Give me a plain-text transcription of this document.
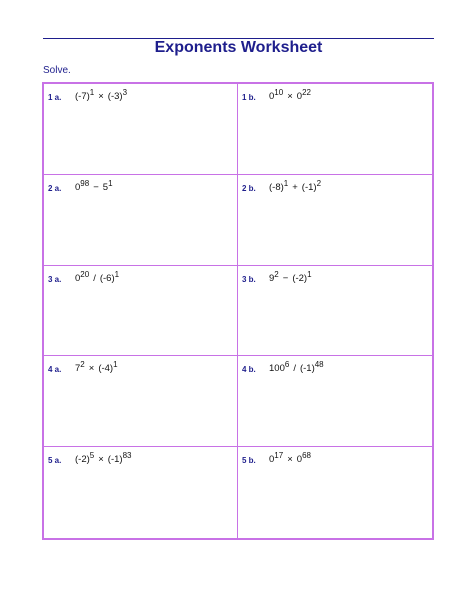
Exponents Worksheet
Solve.
1 a. $(-7)^1 \times (-3)^3$
1 b. $0^{10} \times 0^{22}$
2 a. $0^{98} - 5^1$
2 b. $(-8)^1 + (-1)^2$
3 a. $0^{20} / (-6)^1$
3 b. $9^2 - (-2)^1$
4 a. $7^2 \times (-4)^1$
4 b. $100^6 / (-1)^{48}$
5 a. $(-2)^5 \times (-1)^{83}$
5 b. $0^{17} \times 0^{68}$
